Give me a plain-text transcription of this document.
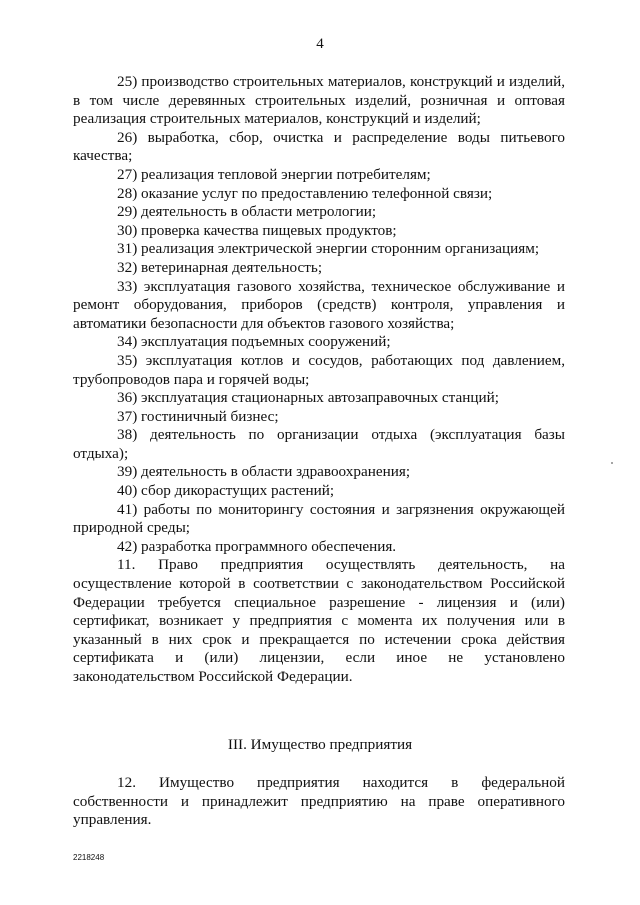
4

25) производство строительных материалов, конструкций и изделий, в том числе деревянных строительных изделий, розничная и оптовая реализация строительных материалов, конструкций и изделий;

26) выработка, сбор, очистка и распределение воды питьевого качества;

27) реализация тепловой энергии потребителям;

28) оказание услуг по предоставлению телефонной связи;

29) деятельность в области метрологии;

30) проверка качества пищевых продуктов;

31) реализация электрической энергии сторонним организациям;

32) ветеринарная деятельность;

33) эксплуатация газового хозяйства, техническое обслуживание и ремонт оборудования, приборов (средств) контроля, управления и автоматики безопасности для объектов газового хозяйства;

34) эксплуатация подъемных сооружений;

35) эксплуатация котлов и сосудов, работающих под давлением, трубопроводов пара и горячей воды;

36) эксплуатация стационарных автозаправочных станций;

37) гостиничный бизнес;

38) деятельность по организации отдыха (эксплуатация базы отдыха);

39) деятельность в области здравоохранения;

40) сбор дикорастущих растений;

41) работы по мониторингу состояния и загрязнения окружающей природной среды;

42) разработка программного обеспечения.

11. Право предприятия осуществлять деятельность, на осуществление которой в соответствии с законодательством Российской Федерации требуется специальное разрешение - лицензия и (или) сертификат, возникает у предприятия с момента их получения или в указанный в них срок и прекращается по истечении срока действия сертификата и (или) лицензии, если иное не установлено законодательством Российской Федерации.

III. Имущество предприятия

12. Имущество предприятия находится в федеральной собственности и принадлежит предприятию на праве оперативного управления.

2218248
